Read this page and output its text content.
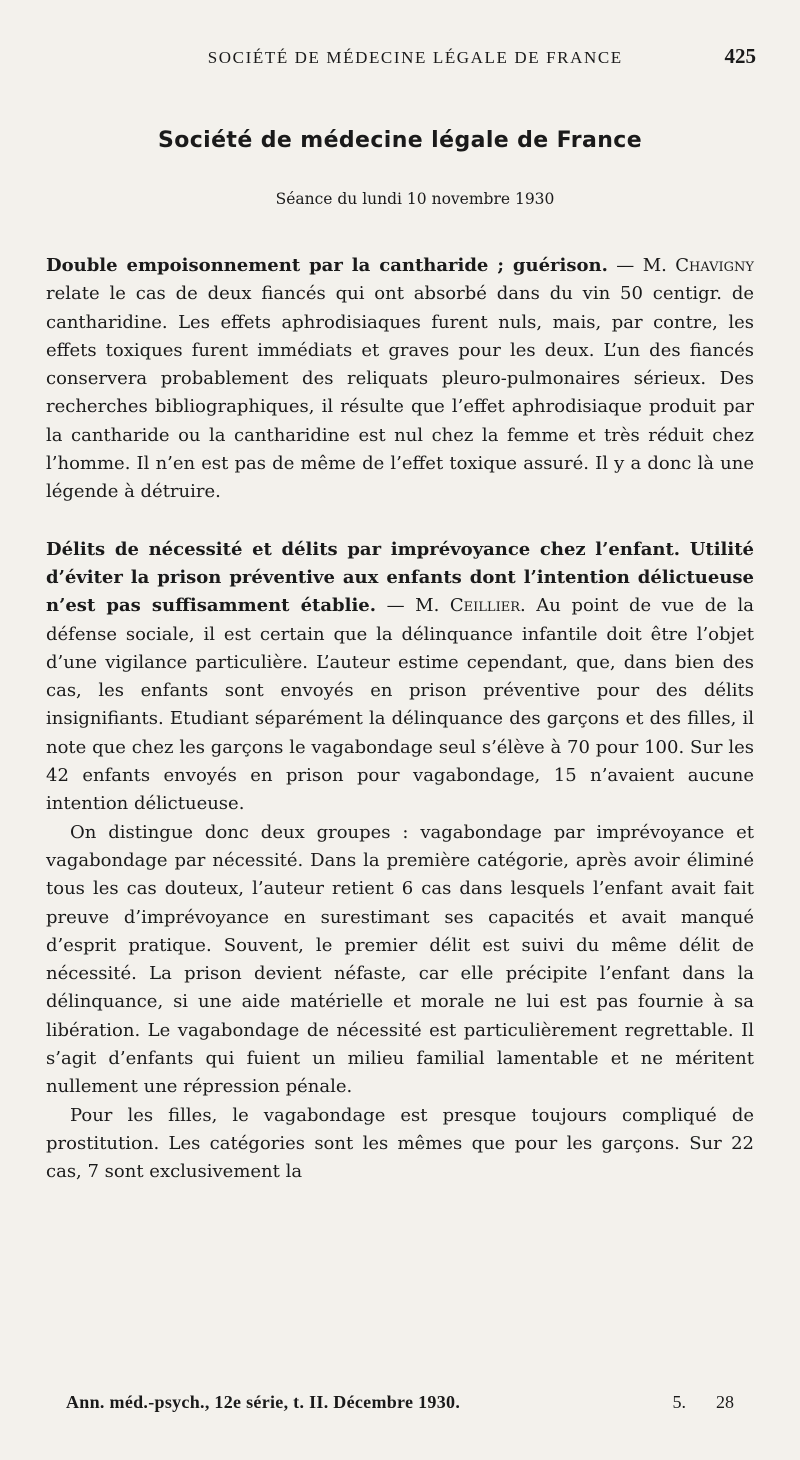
SOCIÉTÉ DE MÉDECINE LÉGALE DE FRANCE	425
Société de médecine légale de France
Séance du lundi 10 novembre 1930

Double empoisonnement par la cantharide ; guérison. — M. Chavigny relate le cas de deux fiancés qui ont absorbé dans du vin 50 centigr. de cantharidine. Les effets aphrodisiaques furent nuls, mais, par contre, les effets toxiques furent immédiats et graves pour les deux. L’un des fiancés conservera probablement des reliquats pleuro-pulmonaires sérieux. Des recherches bibliographiques, il résulte que l’effet aphrodisiaque produit par la cantharide ou la cantharidine est nul chez la femme et très réduit chez l’homme. Il n’en est pas de même de l’effet toxique assuré. Il y a donc là une légende à détruire.

Délits de nécessité et délits par imprévoyance chez l’enfant. Utilité d’éviter la prison préventive aux enfants dont l’intention délictueuse n’est pas suffisamment établie. — M. Ceillier. Au point de vue de la défense sociale, il est certain que la délinquance infantile doit être l’objet d’une vigilance particulière. L’auteur estime cependant, que, dans bien des cas, les enfants sont envoyés en prison préventive pour des délits insignifiants. Etudiant séparément la délinquance des garçons et des filles, il note que chez les garçons le vagabondage seul s’élève à 70 pour 100. Sur les 42 enfants envoyés en prison pour vagabondage, 15 n’avaient aucune intention délictueuse.

On distingue donc deux groupes : vagabondage par imprévoyance et vagabondage par nécessité. Dans la première catégorie, après avoir éliminé tous les cas douteux, l’auteur retient 6 cas dans lesquels l’enfant avait fait preuve d’imprévoyance en surestimant ses capacités et avait manqué d’esprit pratique. Souvent, le premier délit est suivi du même délit de nécessité. La prison devient néfaste, car elle précipite l’enfant dans la délinquance, si une aide matérielle et morale ne lui est pas fournie à sa libération. Le vagabondage de nécessité est particulièrement regrettable. Il s’agit d’enfants qui fuient un milieu familial lamentable et ne méritent nullement une répression pénale.

Pour les filles, le vagabondage est presque toujours compliqué de prostitution. Les catégories sont les mêmes que pour les garçons. Sur 22 cas, 7 sont exclusivement la

Ann. méd.-psych., 12e série, t. II. Décembre 1930.	5. 28
